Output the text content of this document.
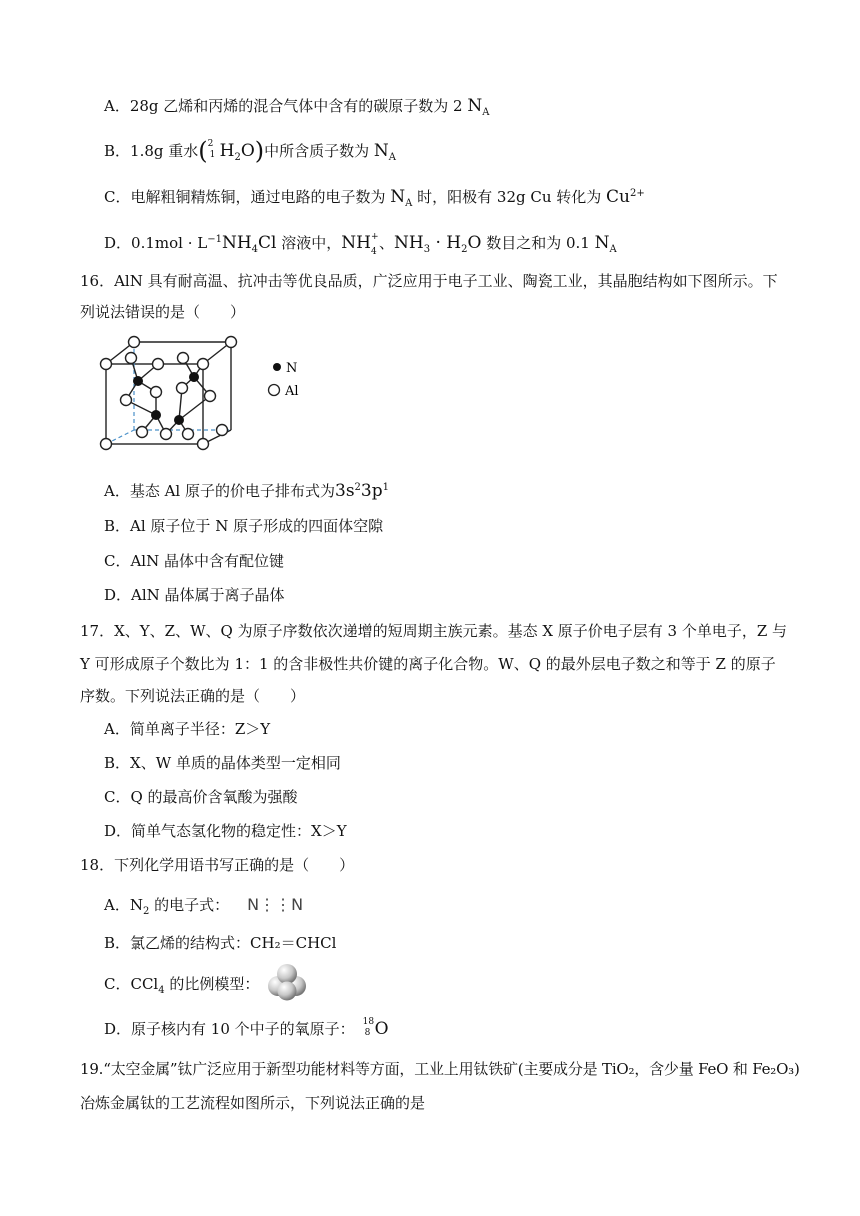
A．28g 乙烯和丙烯的混合气体中含有的碳原子数为 2 $N_A$
B．1.8g 重水( 2
1 $H_2O$)中所含质子数为 $N_A$
C．电解粗铜精炼铜，通过电路的电子数为 $N_A$ 时，阳极有 32g Cu 转化为 $Cu^{2+}$
D．$0.1mol \cdot L^{-1}NH_4Cl$ 溶液中，NH +
4 、$NH_3 \cdot H_2O$ 数目之和为 0.1 $N_A$
16．AlN 具有耐高温、抗冲击等优良品质，广泛应用于电子工业、陶瓷工业，其晶胞结构如下图所示。下
列说法错误的是（　　）
N
Al
A．基态 Al 原子的价电子排布式为$3s^23p^1$
B．Al 原子位于 N 原子形成的四面体空隙
C．AlN 晶体中含有配位键
D．AlN 晶体属于离子晶体
17．X、Y、Z、W、Q 为原子序数依次递增的短周期主族元素。基态 X 原子价电子层有 3 个单电子，Z 与
Y 可形成原子个数比为 1：1 的含非极性共价键的离子化合物。W、Q 的最外层电子数之和等于 Z 的原子
序数。下列说法正确的是（　　）
A．简单离子半径：Z＞Y
B．X、W 单质的晶体类型一定相同
C．Q 的最高价含氧酸为强酸
D．简单气态氢化物的稳定性：X＞Y
18．下列化学用语书写正确的是（　　）
A．$N_2$ 的电子式： N⋮⋮N
B．氯乙烯的结构式：CH₂＝CHCl
C．CCl$_4$ 的比例模型：
D．原子核内有 10 个中子的氧原子： 18
8 O
19.“太空金属”钛广泛应用于新型功能材料等方面，工业上用钛铁矿(主要成分是 TiO₂，含少量 FeO 和 Fe₂O₃)
冶炼金属钛的工艺流程如图所示，下列说法正确的是
